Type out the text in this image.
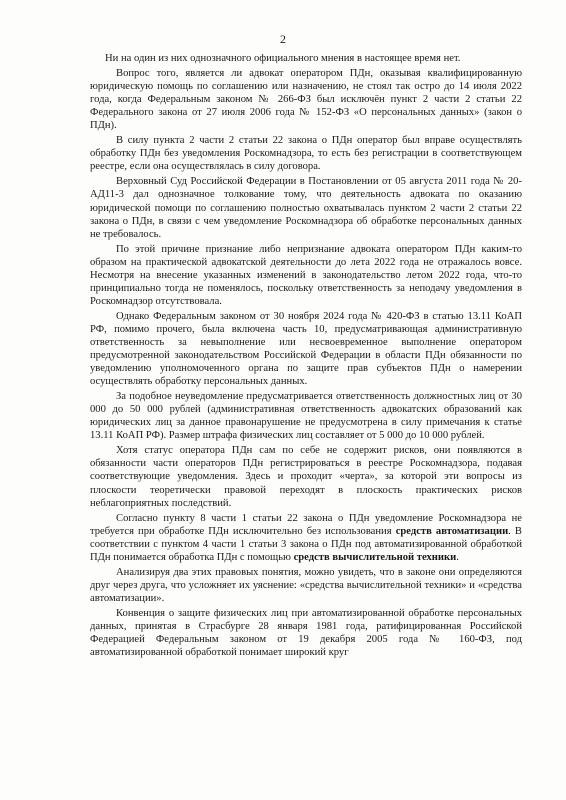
2

Ни на один из них однозначного официального мнения в настоящее время нет.

Вопрос того, является ли адвокат оператором ПДн, оказывая квалифицированную юридическую помощь по соглашению или назначению, не стоял так остро до 14 июля 2022 года, когда Федеральным законом № 266-ФЗ был исключён пункт 2 части 2 статьи 22 Федерального закона от 27 июля 2006 года № 152-ФЗ «О персональных данных» (закон о ПДн).

В силу пункта 2 части 2 статьи 22 закона о ПДн оператор был вправе осуществлять обработку ПДн без уведомления Роскомнадзора, то есть без регистрации в соответствующем реестре, если она осуществлялась в силу договора.

Верховный Суд Российской Федерации в Постановлении от 05 августа 2011 года № 20-АД11-3 дал однозначное толкование тому, что деятельность адвоката по оказанию юридической помощи по соглашению полностью охватывалась пунктом 2 части 2 статьи 22 закона о ПДн, в связи с чем уведомление Роскомнадзора об обработке персональных данных не требовалось.

По этой причине признание либо непризнание адвоката оператором ПДн каким-то образом на практической адвокатской деятельности до лета 2022 года не отражалось вовсе. Несмотря на внесение указанных изменений в законодательство летом 2022 года, что-то принципиально тогда не поменялось, поскольку ответственность за неподачу уведомления в Роскомнадзор отсутствовала.

Однако Федеральным законом от 30 ноября 2024 года № 420-ФЗ в статью 13.11 КоАП РФ, помимо прочего, была включена часть 10, предусматривающая административную ответственность за невыполнение или несвоевременное выполнение оператором предусмотренной законодательством Российской Федерации в области ПДн обязанности по уведомлению уполномоченного органа по защите прав субъектов ПДн о намерении осуществлять обработку персональных данных.

За подобное неуведомление предусматривается ответственность должностных лиц от 30 000 до 50 000 рублей (административная ответственность адвокатских образований как юридических лиц за данное правонарушение не предусмотрена в силу примечания к статье 13.11 КоАП РФ). Размер штрафа физических лиц составляет от 5 000 до 10 000 рублей.

Хотя статус оператора ПДн сам по себе не содержит рисков, они появляются в обязанности части операторов ПДн регистрироваться в реестре Роскомнадзора, подавая соответствующие уведомления. Здесь и проходит «черта», за которой эти вопросы из плоскости теоретически правовой переходят в плоскость практических рисков неблагоприятных последствий.

Согласно пункту 8 части 1 статьи 22 закона о ПДн уведомление Роскомнадзора не требуется при обработке ПДн исключительно без использования средств автоматизации. В соответствии с пунктом 4 части 1 статьи 3 закона о ПДн под автоматизированной обработкой ПДн понимается обработка ПДн с помощью средств вычислительной техники.

Анализируя два этих правовых понятия, можно увидеть, что в законе они определяются друг через друга, что усложняет их уяснение: «средства вычислительной техники» и «средства автоматизации».

Конвенция о защите физических лиц при автоматизированной обработке персональных данных, принятая в Страсбурге 28 января 1981 года, ратифицированная Российской Федерацией Федеральным законом от 19 декабря 2005 года № 160-ФЗ, под автоматизированной обработкой понимает широкий круг
